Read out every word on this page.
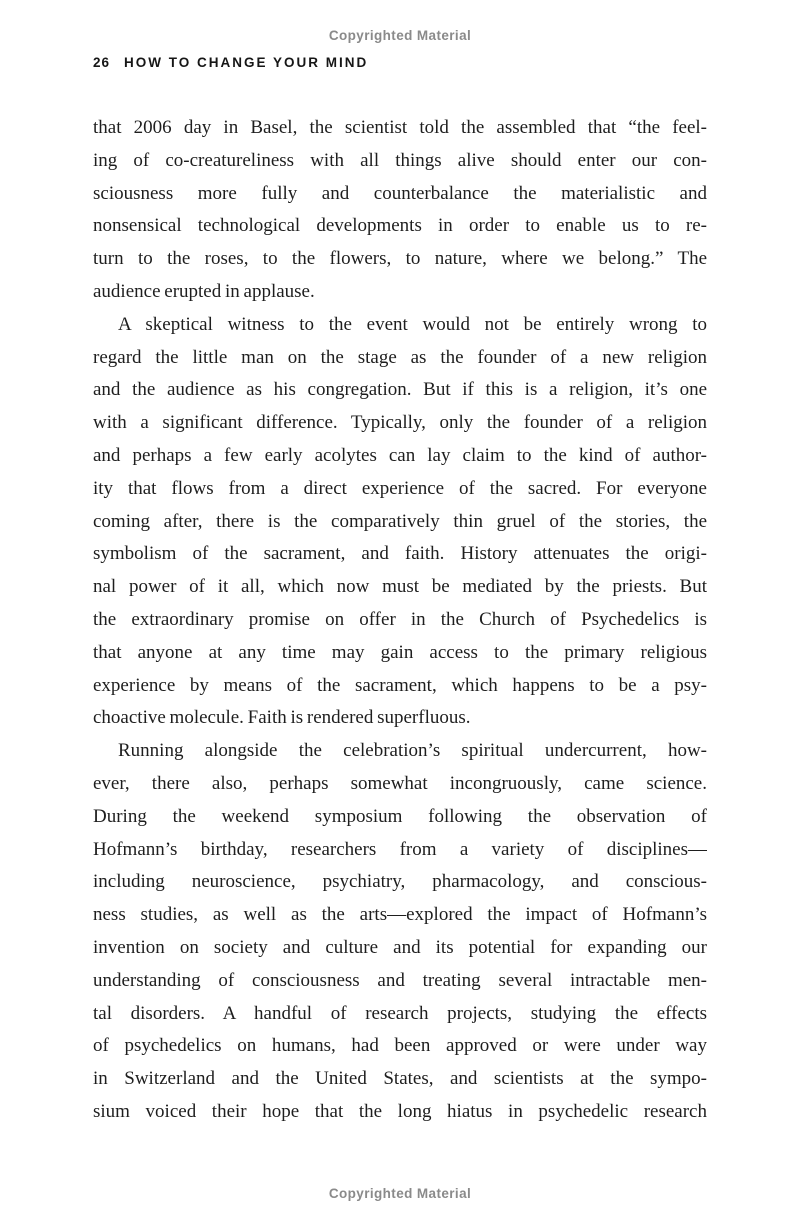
Copyrighted Material
26 HOW TO CHANGE YOUR MIND
that 2006 day in Basel, the scientist told the assembled that “the feel-
ing of co-creatureliness with all things alive should enter our con-
sciousness more fully and counterbalance the materialistic and
nonsensical technological developments in order to enable us to re-
turn to the roses, to the flowers, to nature, where we belong.” The
audience erupted in applause.
A skeptical witness to the event would not be entirely wrong to
regard the little man on the stage as the founder of a new religion
and the audience as his congregation. But if this is a religion, it’s one
with a significant difference. Typically, only the founder of a religion
and perhaps a few early acolytes can lay claim to the kind of author-
ity that flows from a direct experience of the sacred. For everyone
coming after, there is the comparatively thin gruel of the stories, the
symbolism of the sacrament, and faith. History attenuates the origi-
nal power of it all, which now must be mediated by the priests. But
the extraordinary promise on offer in the Church of Psychedelics is
that anyone at any time may gain access to the primary religious
experience by means of the sacrament, which happens to be a psy-
choactive molecule. Faith is rendered superfluous.
Running alongside the celebration’s spiritual undercurrent, how-
ever, there also, perhaps somewhat incongruously, came science.
During the weekend symposium following the observation of
Hofmann’s birthday, researchers from a variety of disciplines—
including neuroscience, psychiatry, pharmacology, and conscious-
ness studies, as well as the arts—explored the impact of Hofmann’s
invention on society and culture and its potential for expanding our
understanding of consciousness and treating several intractable men-
tal disorders. A handful of research projects, studying the effects
of psychedelics on humans, had been approved or were under way
in Switzerland and the United States, and scientists at the sympo-
sium voiced their hope that the long hiatus in psychedelic research
Copyrighted Material
